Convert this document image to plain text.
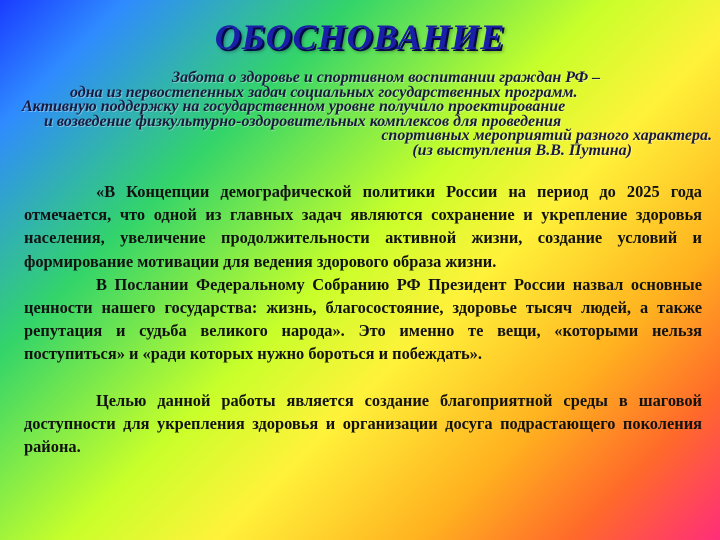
ОБОСНОВАНИЕ
Забота о здоровье и спортивном воспитании граждан РФ –
одна из первостепенных задач социальных государственных программ.
Активную поддержку на государственном уровне получило проектирование
и возведение физкультурно-оздоровительных комплексов для проведения
спортивных мероприятий разного характера.
(из выступления В.В. Путина)

«В Концепции демографической политики России на период до 2025 года отмечается, что одной из главных задач являются сохранение и укрепление здоровья населения, увеличение продолжительности активной жизни, создание условий и формирование мотивации для ведения здорового образа жизни.

В Послании Федеральному Собранию РФ Президент России назвал основные ценности нашего государства: жизнь, благосостояние, здоровье тысяч людей, а также репутация и судьба великого народа». Это именно те вещи, «которыми нельзя поступиться» и «ради которых нужно бороться и побеждать».

Целью данной работы является создание благоприятной среды в шаговой доступности для укрепления здоровья и организации досуга подрастающего поколения района.
